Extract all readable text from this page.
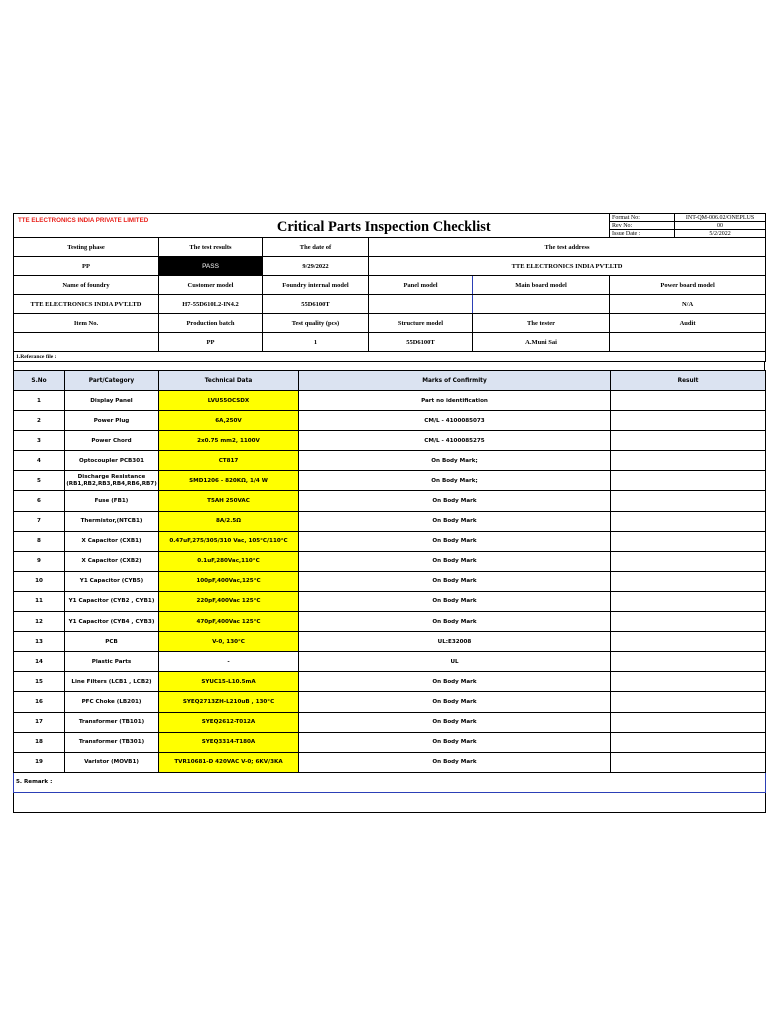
TTE ELECTRONICS INDIA PRIVATE LIMITED	Critical Parts Inspection Checklist				Format No:	INT-QM-006.02/ONEPLUS
					Rev No:	00
					Issue Date :	5/2/2022
Testing phase	The test results	The date of	The test address			
PP	PASS	9/29/2022	TTE ELECTRONICS INDIA PVT.LTD			
Name of foundry	Customer model	Foundry internal model	Panel model	Main board model	Power board model	
TTE ELECTRONICS INDIA PVT.LTD	H7-55D610L2-IN4.2	55D6100T			N/A	
Item No.	Production batch	Test quality (pcs)	Structure model	The tester	Audit	
	PP	1	55D6100T	A.Muni Sai		
1.Referance file :						
S.No	Part/Category	Technical Data	Marks of Confirmity	Result
1	Display Panel	LVU55OCSDX	Part no identification	
2	Power Plug	6A,250V	CM/L - 4100085073	
3	Power Chord	2x0.75 mm2, 1100V	CM/L - 4100085275	
4	Optocoupler PCB301	CT817	On Body Mark;	
5	Discharge Resistance (RB1,RB2,RB3,RB4,RB6,RB7)	SMD1206 - 820KΩ, 1/4 W	On Body Mark;	
6	Fuse (FB1)	T5AH 250VAC	On Body Mark	
7	Thermistor,(NTCB1)	8A/2.5Ω	On Body Mark	
8	X Capacitor (CXB1)	0.47uF,275/305/310 Vac, 105°C/110°C	On Body Mark	
9	X Capacitor (CXB2)	0.1uF,280Vac,110°C	On Body Mark	
10	Y1 Capacitor (CYB5)	100pF,400Vac,125°C	On Body Mark	
11	Y1 Capacitor (CYB2 , CYB1)	220pF,400Vac 125°C	On Body Mark	
12	Y1 Capacitor (CYB4 , CYB3)	470pF,400Vac 125°C	On Body Mark	
13	PCB	V-0, 130°C	UL:E32008	
14	Plastic Parts	-	UL	
15	Line Filters (LCB1 , LCB2)	SYUC15-L10.5mA	On Body Mark	
16	PFC Choke (LB201)	SYEQ2713ZH-L210uB , 130°C	On Body Mark	
17	Transformer (TB101)	SYEQ2612-T012A	On Body Mark	
18	Transformer (TB301)	SYEQ3314-T180A	On Body Mark	
19	Varistor (MOVB1)	TVR10681-D 420VAC V-0; 6KV/3KA	On Body Mark	
5. Remark :				
